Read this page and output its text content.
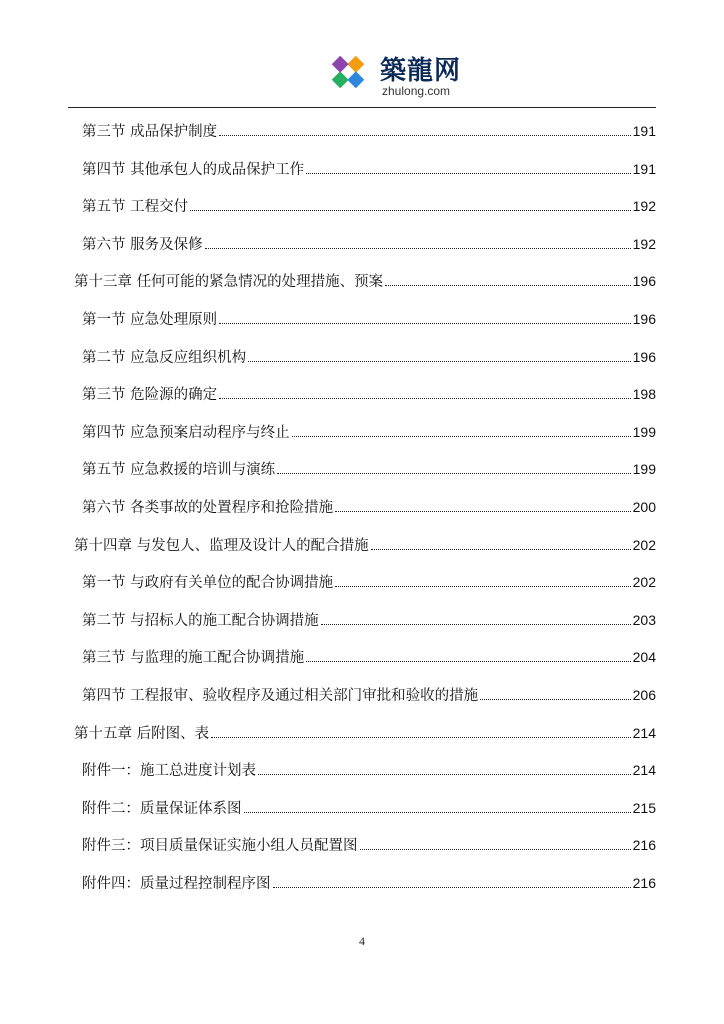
築龍网
zhulong.com
第三节 成品保护制度	191
第四节 其他承包人的成品保护工作	191
第五节 工程交付	192
第六节 服务及保修	192
第十三章 任何可能的紧急情况的处理措施、预案	196
第一节 应急处理原则	196
第二节 应急反应组织机构	196
第三节 危险源的确定	198
第四节 应急预案启动程序与终止	199
第五节 应急救援的培训与演练	199
第六节 各类事故的处置程序和抢险措施	200
第十四章 与发包人、监理及设计人的配合措施	202
第一节 与政府有关单位的配合协调措施	202
第二节 与招标人的施工配合协调措施	203
第三节 与监理的施工配合协调措施	204
第四节 工程报审、验收程序及通过相关部门审批和验收的措施	206
第十五章 后附图、表	214
附件一：施工总进度计划表	214
附件二：质量保证体系图	215
附件三：项目质量保证实施小组人员配置图	216
附件四：质量过程控制程序图	216
4
